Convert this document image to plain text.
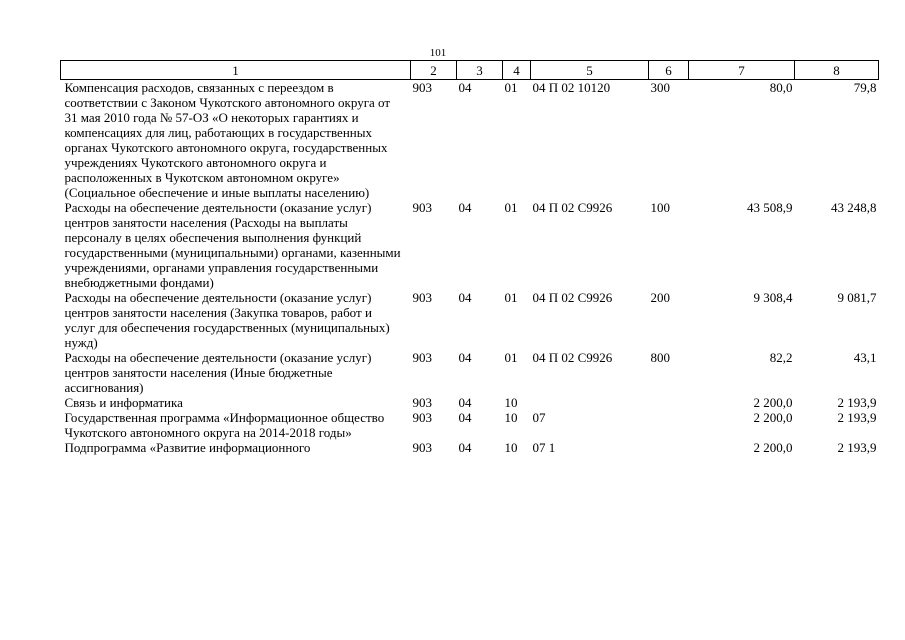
101
1	2	3	4	5	6	7	8
Компенсация расходов, связанных с переездом в соответствии с Законом Чукотского автономного округа от 31 мая 2010 года № 57-ОЗ «О некоторых гарантиях и компенсациях для лиц, работающих в государственных органах Чукотского автономного округа, государственных учреждениях Чукотского автономного округа и расположенных в Чукотском автономном округе» (Социальное обеспечение и иные выплаты населению)	903	04	01	04 П 02 10120	300	80,0	79,8
Расходы на обеспечение деятельности (оказание услуг) центров занятости населения (Расходы на выплаты персоналу в целях обеспечения выполнения функций государственными (муниципальными) органами, казенными учреждениями, органами управления государственными внебюджетными фондами)	903	04	01	04 П 02 С9926	100	43 508,9	43 248,8
Расходы на обеспечение деятельности (оказание услуг) центров занятости населения (Закупка товаров, работ и услуг для обеспечения государственных (муниципальных) нужд)	903	04	01	04 П 02 С9926	200	9 308,4	9 081,7
Расходы на обеспечение деятельности (оказание услуг) центров занятости населения (Иные бюджетные ассигнования)	903	04	01	04 П 02 С9926	800	82,2	43,1
Связь и информатика	903	04	10			2 200,0	2 193,9
Государственная программа «Информационное общество Чукотского автономного округа на 2014-2018 годы»	903	04	10	07		2 200,0	2 193,9
Подпрограмма «Развитие информационного	903	04	10	07 1		2 200,0	2 193,9
